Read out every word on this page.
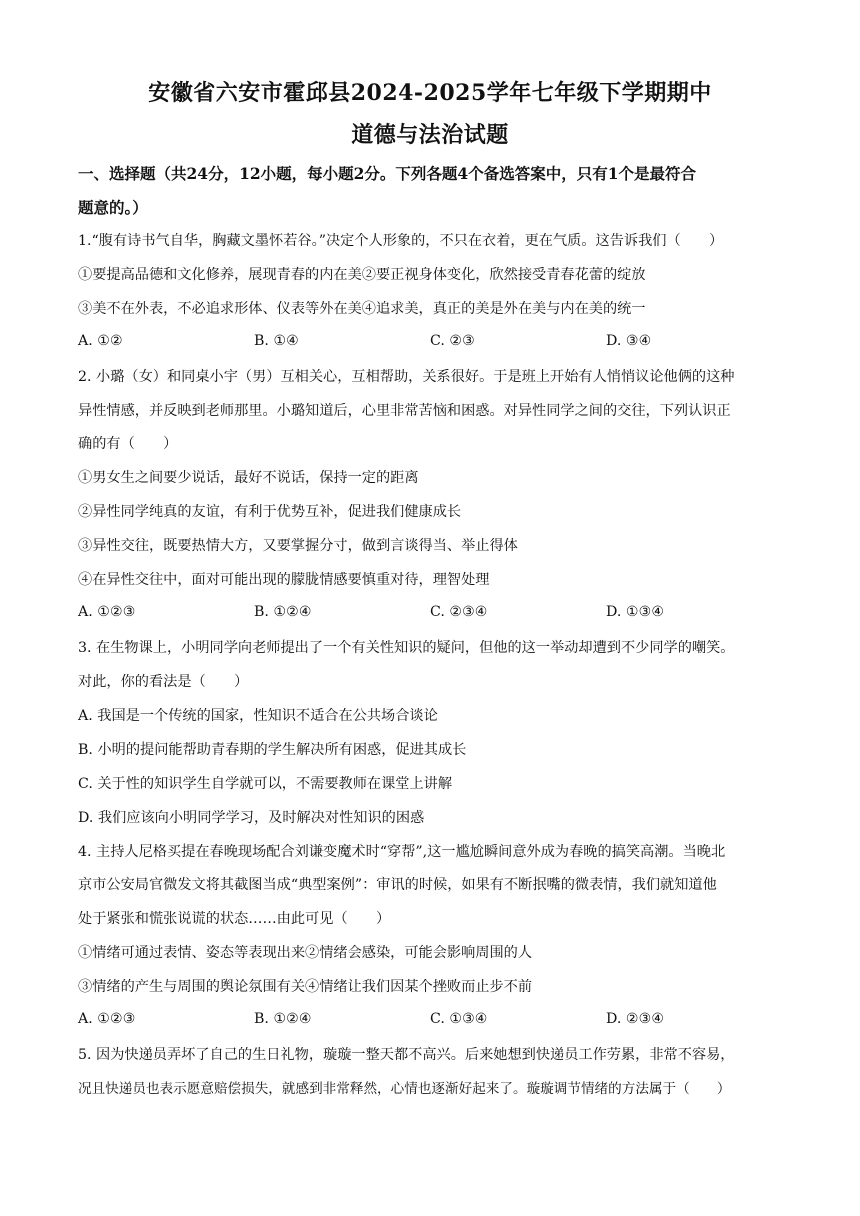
安徽省六安市霍邱县2024-2025学年七年级下学期期中
道德与法治试题
一、选择题（共24分，12小题，每小题2分。下列各题4个备选答案中，只有1个是最符合
题意的。）
1.“腹有诗书气自华，胸藏文墨怀若谷。”决定个人形象的，不只在衣着，更在气质。这告诉我们（　　）
①要提高品德和文化修养，展现青春的内在美②要正视身体变化，欣然接受青春花蕾的绽放
③美不在外表，不必追求形体、仪表等外在美④追求美，真正的美是外在美与内在美的统一
A. ①②	B. ①④	C. ②③	D. ③④
2. 小璐（女）和同桌小宇（男）互相关心，互相帮助，关系很好。于是班上开始有人悄悄议论他俩的这种
异性情感，并反映到老师那里。小璐知道后，心里非常苦恼和困惑。对异性同学之间的交往，下列认识正
确的有（　　）
①男女生之间要少说话，最好不说话，保持一定的距离
②异性同学纯真的友谊，有利于优势互补，促进我们健康成长
③异性交往，既要热情大方，又要掌握分寸，做到言谈得当、举止得体
④在异性交往中，面对可能出现的朦胧情感要慎重对待，理智处理
A. ①②③	B. ①②④	C. ②③④	D. ①③④
3. 在生物课上，小明同学向老师提出了一个有关性知识的疑问，但他的这一举动却遭到不少同学的嘲笑。
对此，你的看法是（　　）
A. 我国是一个传统的国家，性知识不适合在公共场合谈论
B. 小明的提问能帮助青春期的学生解决所有困惑，促进其成长
C. 关于性的知识学生自学就可以，不需要教师在课堂上讲解
D. 我们应该向小明同学学习，及时解决对性知识的困惑
4. 主持人尼格买提在春晚现场配合刘谦变魔术时“穿帮”,这一尴尬瞬间意外成为春晚的搞笑高潮。当晚北
京市公安局官微发文将其截图当成“典型案例”：审讯的时候，如果有不断抿嘴的微表情，我们就知道他
处于紧张和慌张说谎的状态……由此可见（　　）
①情绪可通过表情、姿态等表现出来②情绪会感染，可能会影响周围的人
③情绪的产生与周围的舆论氛围有关④情绪让我们因某个挫败而止步不前
A. ①②③	B. ①②④	C. ①③④	D. ②③④
5. 因为快递员弄坏了自己的生日礼物，璇璇一整天都不高兴。后来她想到快递员工作劳累，非常不容易，
况且快递员也表示愿意赔偿损失，就感到非常释然，心情也逐渐好起来了。璇璇调节情绪的方法属于（　　）
